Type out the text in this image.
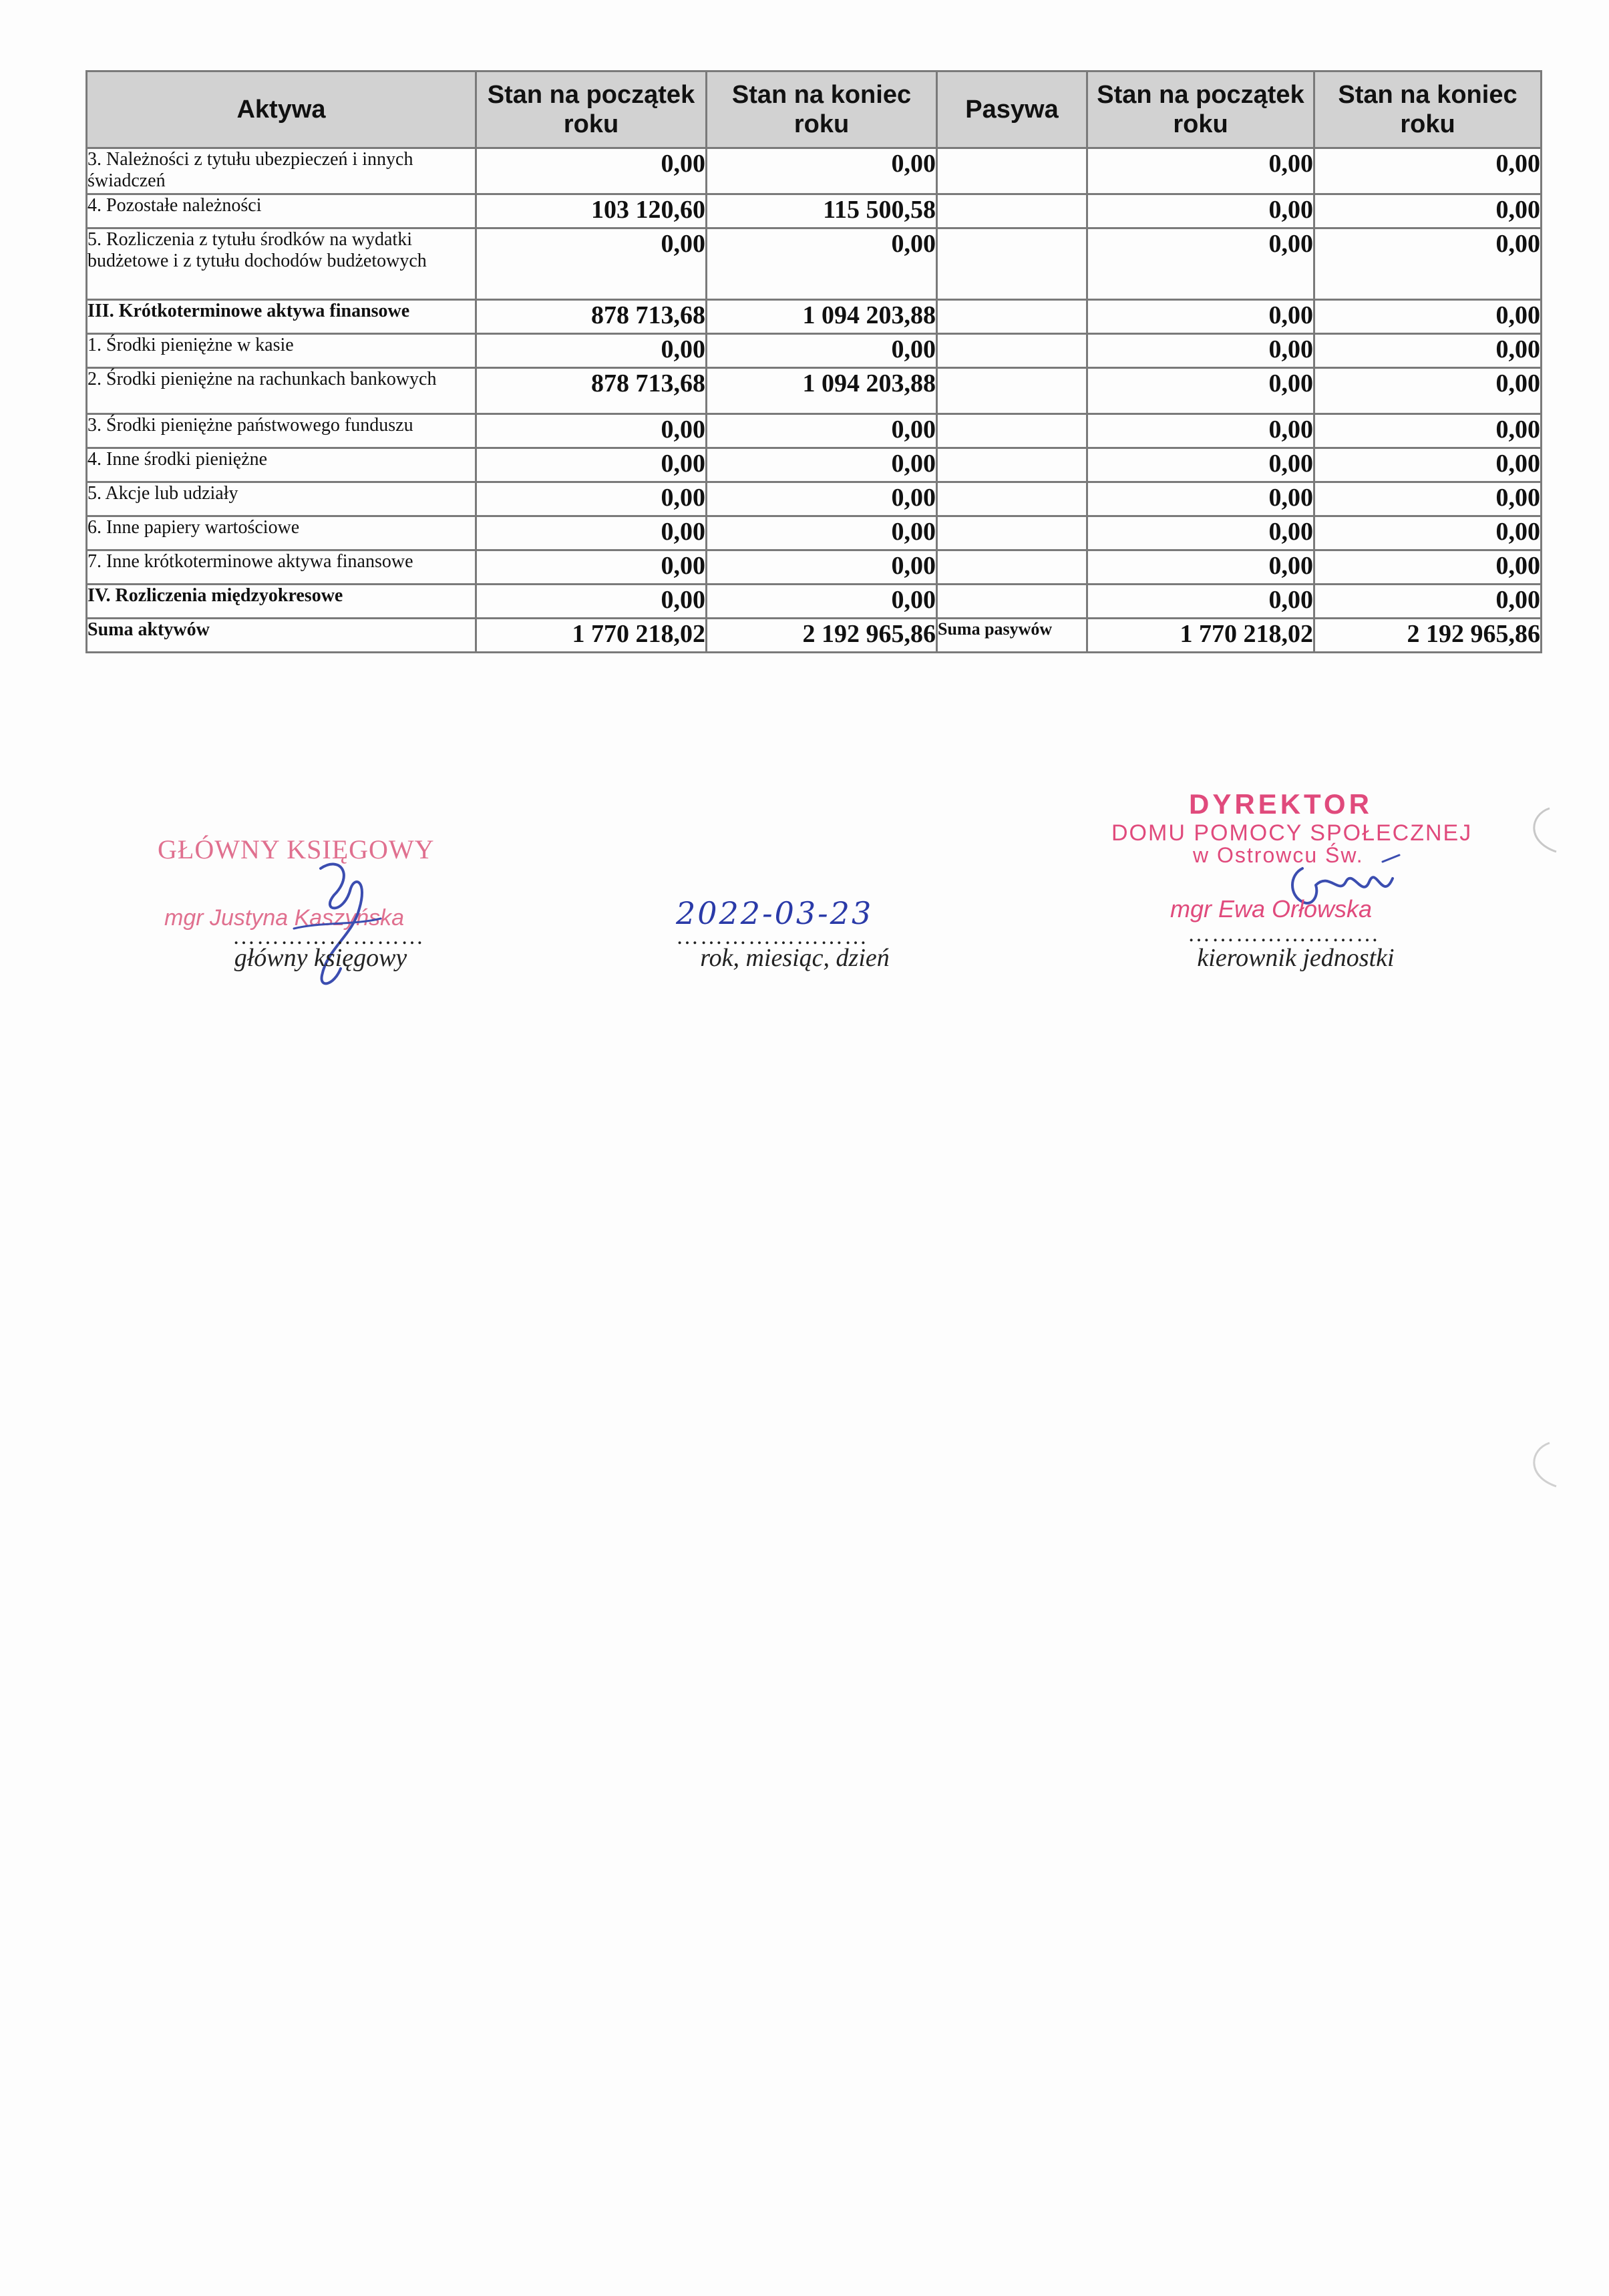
Aktywa	Stan na początek roku	Stan na koniec roku	Pasywa	Stan na początek roku	Stan na koniec roku
3. Należności z tytułu ubezpieczeń i innych świadczeń	0,00	0,00		0,00	0,00
4. Pozostałe należności	103 120,60	115 500,58		0,00	0,00
5. Rozliczenia z tytułu środków na wydatki budżetowe i z tytułu dochodów budżetowych	0,00	0,00		0,00	0,00
III. Krótkoterminowe aktywa finansowe	878 713,68	1 094 203,88		0,00	0,00
1. Środki pieniężne w kasie	0,00	0,00		0,00	0,00
2. Środki pieniężne na rachunkach bankowych	878 713,68	1 094 203,88		0,00	0,00
3. Środki pieniężne państwowego funduszu	0,00	0,00		0,00	0,00
4. Inne środki pieniężne	0,00	0,00		0,00	0,00
5. Akcje lub udziały	0,00	0,00		0,00	0,00
6. Inne papiery wartościowe	0,00	0,00		0,00	0,00
7. Inne krótkoterminowe aktywa finansowe	0,00	0,00		0,00	0,00
IV. Rozliczenia międzyokresowe	0,00	0,00		0,00	0,00
Suma aktywów	1 770 218,02	2 192 965,86	Suma pasywów	1 770 218,02	2 192 965,86
GŁÓWNY KSIĘGOWY
mgr Justyna Kaszyńska
……………………
główny księgowy
2022-03-23
……………………
rok, miesiąc, dzień
DYREKTOR
DOMU POMOCY SPOŁECZNEJ
w Ostrowcu Św.
mgr Ewa Orłowska
……………………
kierownik jednostki
